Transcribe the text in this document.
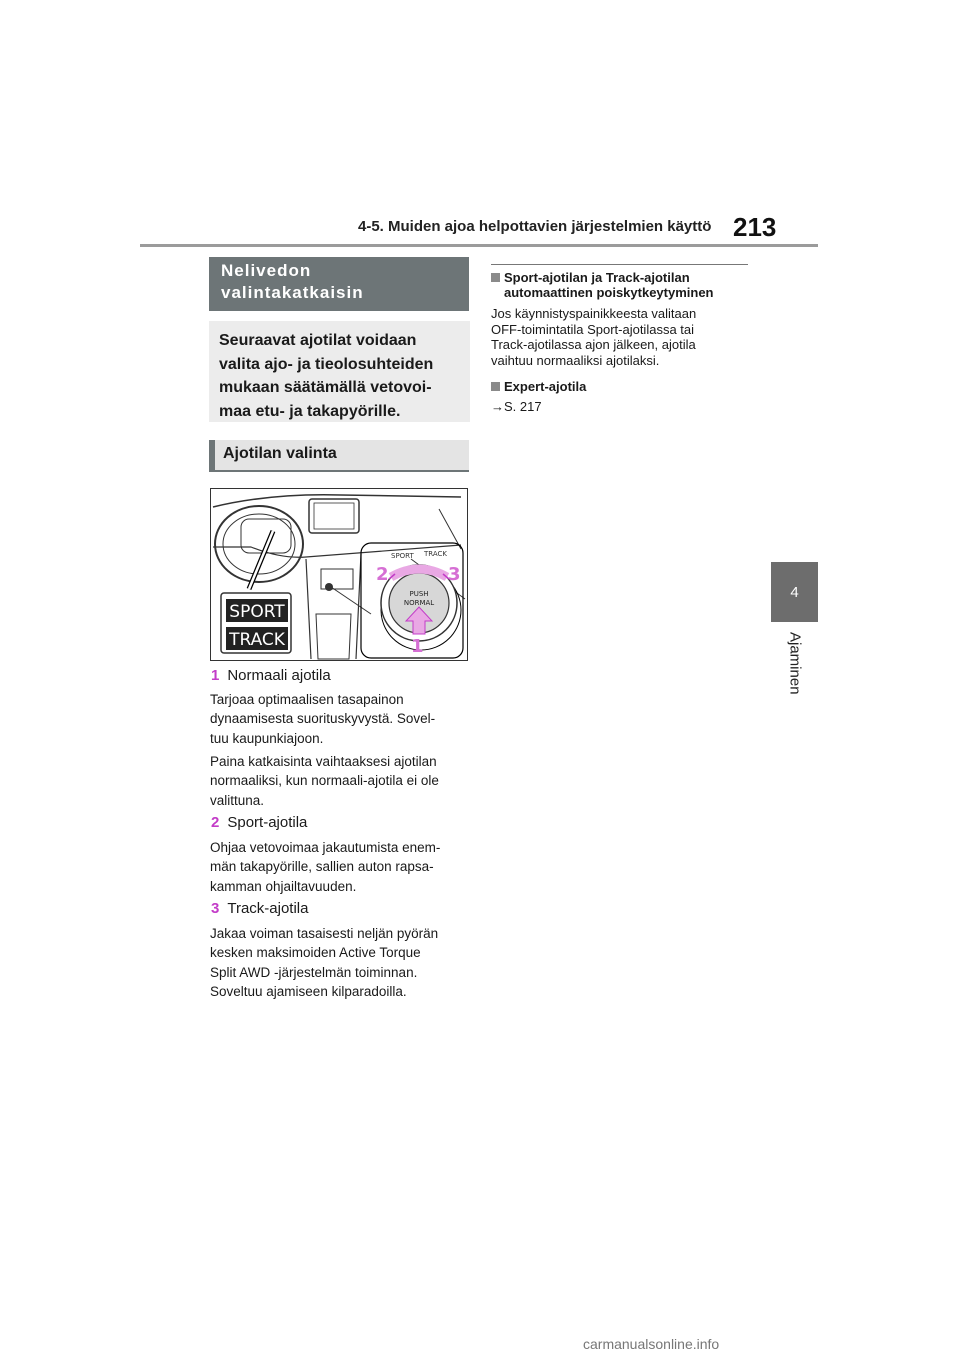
4-5. Muiden ajoa helpottavien järjestelmien käyttö 213
4
Ajaminen
Nelivedon
valintakatkaisin
Seuraavat ajotilat voidaan
valita ajo- ja tieolosuhteiden
mukaan säätämällä vetovoi-
maa etu- ja takapyörille.
Ajotilan valinta
SPORT
TRACK
SPORT TRACK
PUSH
NORMAL
2	3
1
1 Normaali ajotila
Tarjoaa optimaalisen tasapainon
dynaamisesta suorituskyvystä. Sovel-
tuu kaupunkiajoon.
Paina katkaisinta vaihtaaksesi ajotilan
normaaliksi, kun normaali-ajotila ei ole
valittuna.
2 Sport-ajotila
Ohjaa vetovoimaa jakautumista enem-
män takapyörille, sallien auton rapsa-
kamman ohjailtavuuden.
3 Track-ajotila
Jakaa voiman tasaisesti neljän pyörän
kesken maksimoiden Active Torque
Split AWD -järjestelmän toiminnan.
Soveltuu ajamiseen kilparadoilla.
Sport-ajotilan ja Track-ajotilan
automaattinen poiskytkeytyminen
Jos käynnistyspainikkeesta valitaan
OFF-toimintatila Sport-ajotilassa tai
Track-ajotilassa ajon jälkeen, ajotila
vaihtuu normaaliksi ajotilaksi.
Expert-ajotila
→S. 217
carmanualsonline.info
